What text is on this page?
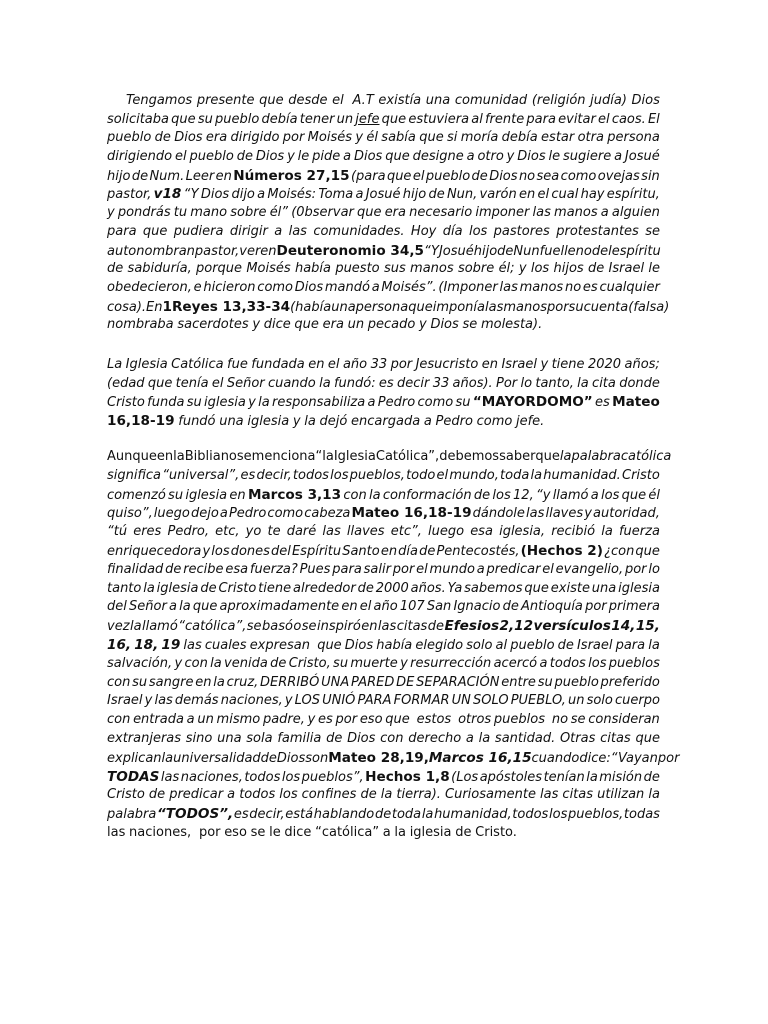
Tengamos presente que desde el A.T existía una comunidad (religión judía) Dios
solicitaba que su pueblo debía tener un jefe que estuviera al frente para evitar el caos. El
pueblo de Dios era dirigido por Moisés y él sabía que si moría debía estar otra persona
dirigiendo el pueblo de Dios y le pide a Dios que designe a otro y Dios le sugiere a Josué
hijo de Num. Leer en Números 27,15 (para que el pueblo de Dios no sea como ovejas sin
pastor, v18 “Y Dios dijo a Moisés: Toma a Josué hijo de Nun, varón en el cual hay espíritu,
y pondrás tu mano sobre él” (0bservar que era necesario imponer las manos a alguien
para que pudiera dirigir a las comunidades. Hoy día los pastores protestantes se
autonombran pastor, ver en Deuteronomio 34,5 “Y Josué hijo de Nun fue lleno del espíritu
de sabiduría, porque Moisés había puesto sus manos sobre él; y los hijos de Israel le
obedecieron, e hicieron como Dios mandó a Moisés”. (Imponer las manos no es cualquier
cosa).En 1Reyes 13,33-34 (había una persona que imponía las manos por su cuenta (falsa)
nombraba sacerdotes y dice que era un pecado y Dios se molesta).
La Iglesia Católica fue fundada en el año 33 por Jesucristo en Israel y tiene 2020 años;
(edad que tenía el Señor cuando la fundó: es decir 33 años). Por lo tanto, la cita donde
Cristo funda su iglesia y la responsabiliza a Pedro como su “MAYORDOMO” es Mateo
16,18-19 fundó una iglesia y la dejó encargada a Pedro como jefe.
Aunque en la Biblia no se menciona “la Iglesia Católica”, debemos saber que la palabra católica
significa “universal”, es decir, todos los pueblos, todo el mundo, toda la humanidad. Cristo
comenzó su iglesia en Marcos 3,13 con la conformación de los 12, “y llamó a los que él
quiso”, luego dejo a Pedro como cabeza Mateo 16,18-19 dándole las llaves y autoridad,
“tú eres Pedro, etc, yo te daré las llaves etc”, luego esa iglesia, recibió la fuerza
enriquecedora y los dones del Espíritu Santo en día de Pentecostés, (Hechos 2) ¿con que
finalidad de recibe esa fuerza? Pues para salir por el mundo a predicar el evangelio, por lo
tanto la iglesia de Cristo tiene alrededor de 2000 años. Ya sabemos que existe una iglesia
del Señor a la que aproximadamente en el año 107 San Ignacio de Antioquía por primera
vez la llamó “católica”, se basó o se inspiró en las citas de Efesios 2,12 versículos 14, 15,
16, 18, 19 las cuales expresan que Dios había elegido solo al pueblo de Israel para la
salvación, y con la venida de Cristo, su muerte y resurrección acercó a todos los pueblos
con su sangre en la cruz, DERRIBÓ UNA PARED DE SEPARACIÓN entre su pueblo preferido
Israel y las demás naciones, y LOS UNIÓ PARA FORMAR UN SOLO PUEBLO, un solo cuerpo
con entrada a un mismo padre, y es por eso que estos otros pueblos no se consideran
extranjeras sino una sola familia de Dios con derecho a la santidad. Otras citas que
explican la universalidad de Dios son Mateo 28,19, Marcos 16,15 cuando dice: “Vayan por
TODAS las naciones, todos los pueblos”, Hechos 1,8 (Los apóstoles tenían la misión de
Cristo de predicar a todos los confines de la tierra). Curiosamente las citas utilizan la
palabra “TODOS”, es decir, está hablando de toda la humanidad, todos los pueblos, todas
las naciones, por eso se le dice “católica” a la iglesia de Cristo.
